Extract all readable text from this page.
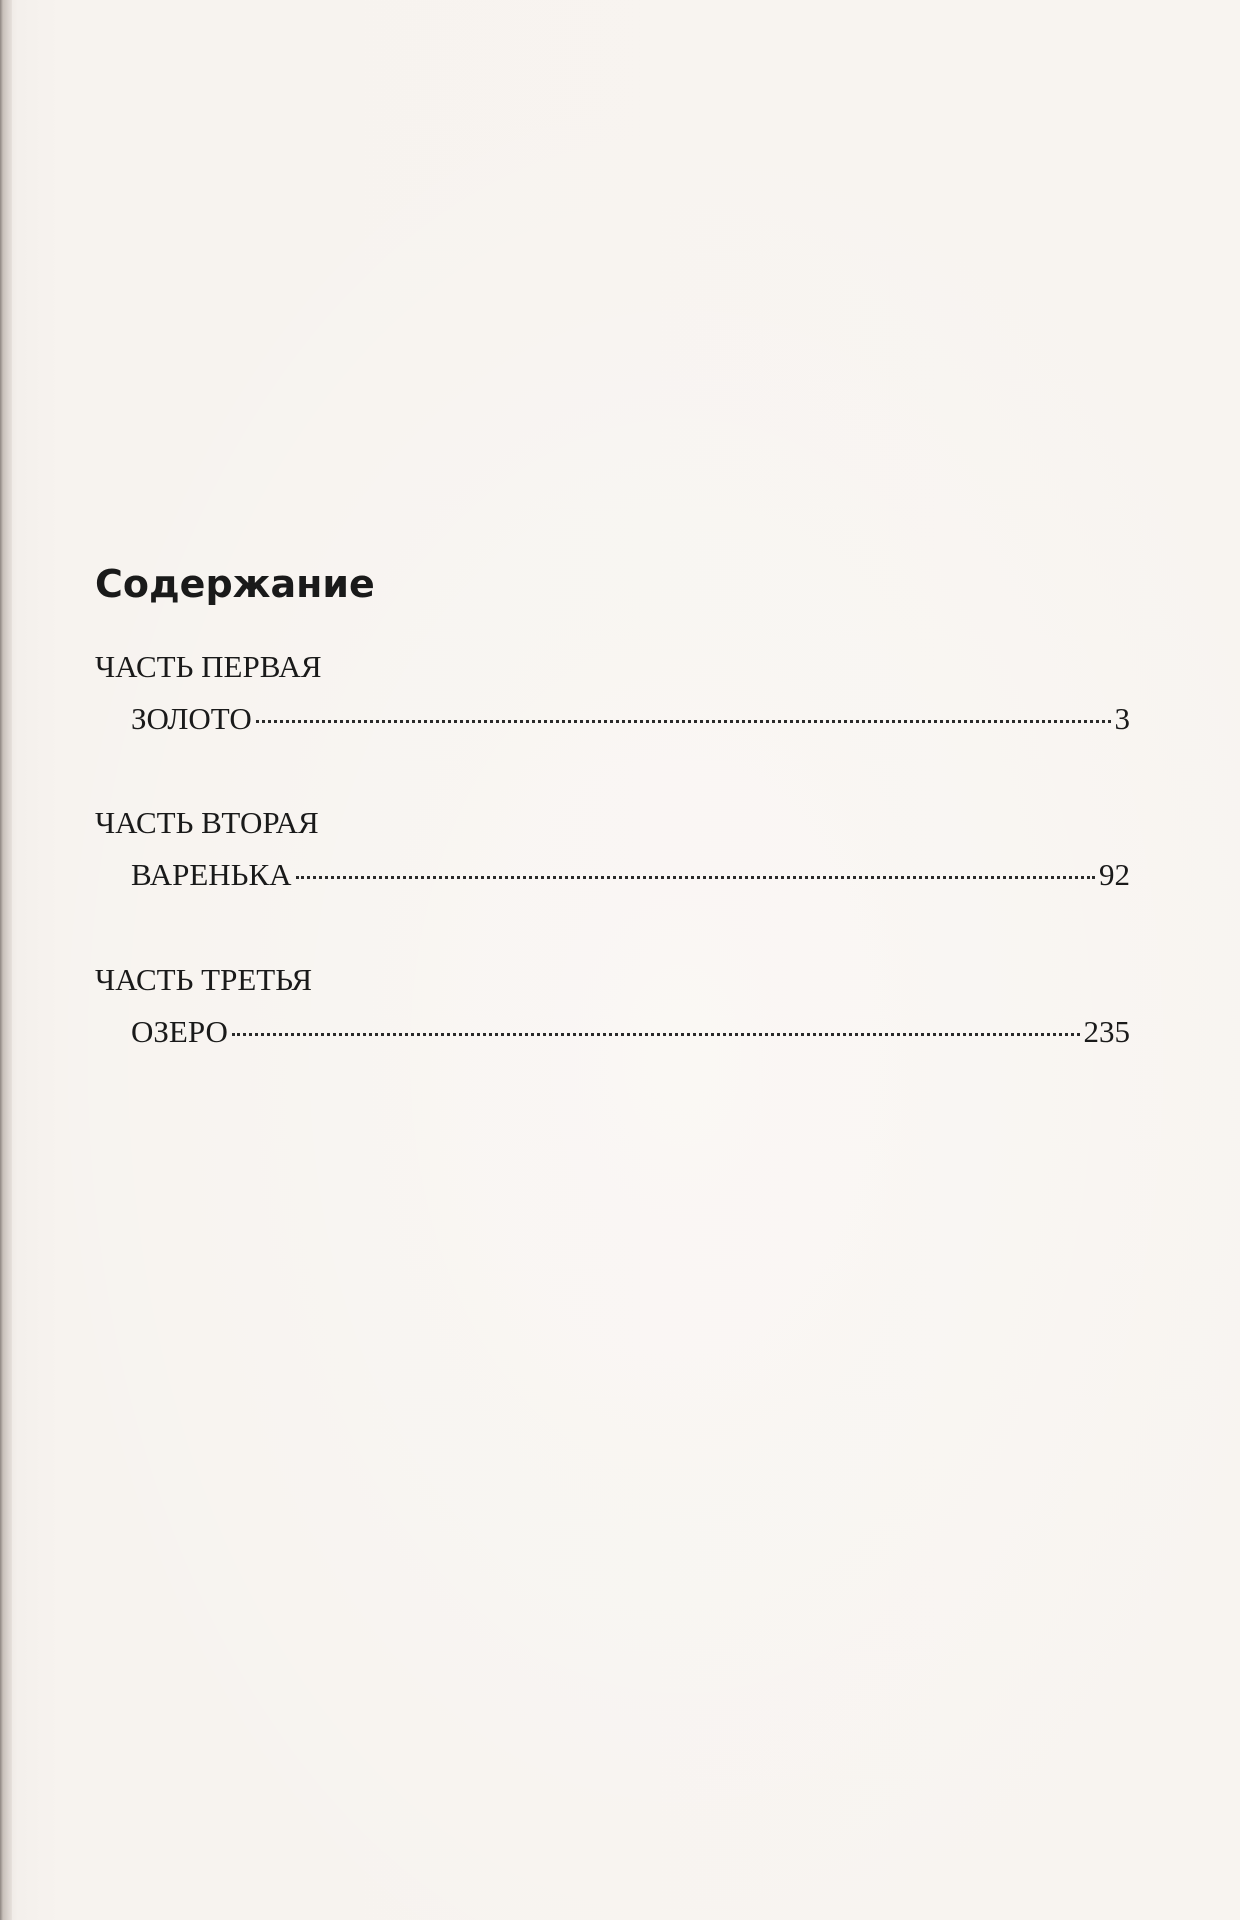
Содержание
ЧАСТЬ ПЕРВАЯ
ЗОЛОТО	3
ЧАСТЬ ВТОРАЯ
ВАРЕНЬКА	92
ЧАСТЬ ТРЕТЬЯ
ОЗЕРО	235
